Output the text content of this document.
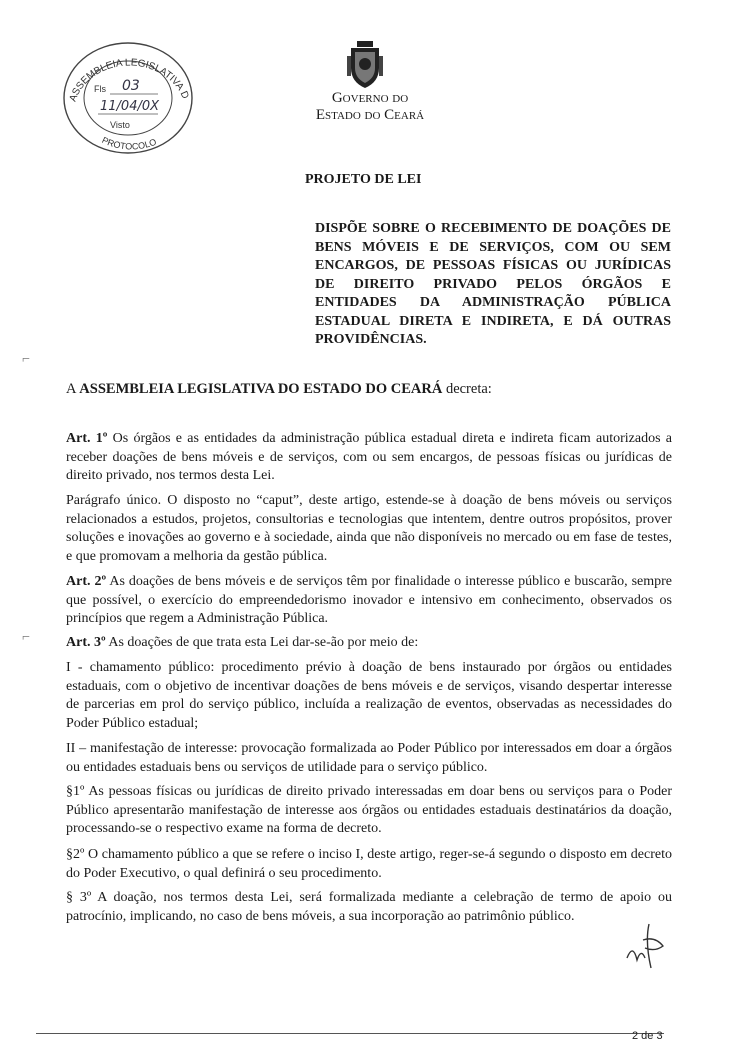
ASSEMBLEIA LEGISLATIVA D
PROTOCOLO
Fls 03
11/04/0X
Visto
Governo do
Estado do Ceará
PROJETO DE LEI
DISPÕE SOBRE O RECEBIMENTO DE DOAÇÕES DE BENS MÓVEIS E DE SERVIÇOS, COM OU SEM ENCARGOS, DE PESSOAS FÍSICAS OU JURÍDICAS DE DIREITO PRIVADO PELOS ÓRGÃOS E ENTIDADES DA ADMINISTRAÇÃO PÚBLICA ESTADUAL DIRETA E INDIRETA, E DÁ OUTRAS PROVIDÊNCIAS.
⌐
A ASSEMBLEIA LEGISLATIVA DO ESTADO DO CEARÁ decreta:

Art. 1º Os órgãos e as entidades da administração pública estadual direta e indireta ficam autorizados a receber doações de bens móveis e de serviços, com ou sem encargos, de pessoas físicas ou jurídicas de direito privado, nos termos desta Lei.

Parágrafo único. O disposto no “caput”, deste artigo, estende-se à doação de bens móveis ou serviços relacionados a estudos, projetos, consultorias e tecnologias que intentem, dentre outros propósitos, prover soluções e inovações ao governo e à sociedade, ainda que não disponíveis no mercado ou em fase de testes, e que promovam a melhoria da gestão pública.

Art. 2º As doações de bens móveis e de serviços têm por finalidade o interesse público e buscarão, sempre que possível, o exercício do empreendedorismo inovador e intensivo em conhecimento, observados os princípios que regem a Administração Pública.

⌐	Art. 3º As doações de que trata esta Lei dar-se-ão por meio de:

I - chamamento público: procedimento prévio à doação de bens instaurado por órgãos ou entidades estaduais, com o objetivo de incentivar doações de bens móveis e de serviços, visando despertar interesse de parcerias em prol do serviço público, incluída a realização de eventos, observadas as necessidades do Poder Público estadual;

II – manifestação de interesse: provocação formalizada ao Poder Público por interessados em doar a órgãos ou entidades estaduais bens ou serviços de utilidade para o serviço público.

§1º As pessoas físicas ou jurídicas de direito privado interessadas em doar bens ou serviços para o Poder Público apresentarão manifestação de interesse aos órgãos ou entidades estaduais destinatários da doação, processando-se o respectivo exame na forma de decreto.

§2º O chamamento público a que se refere o inciso I, deste artigo, reger-se-á segundo o disposto em decreto do Poder Executivo, o qual definirá o seu procedimento.

§ 3º A doação, nos termos desta Lei, será formalizada mediante a celebração de termo de apoio ou patrocínio, implicando, no caso de bens móveis, a sua incorporação ao patrimônio público.

2 de 3
